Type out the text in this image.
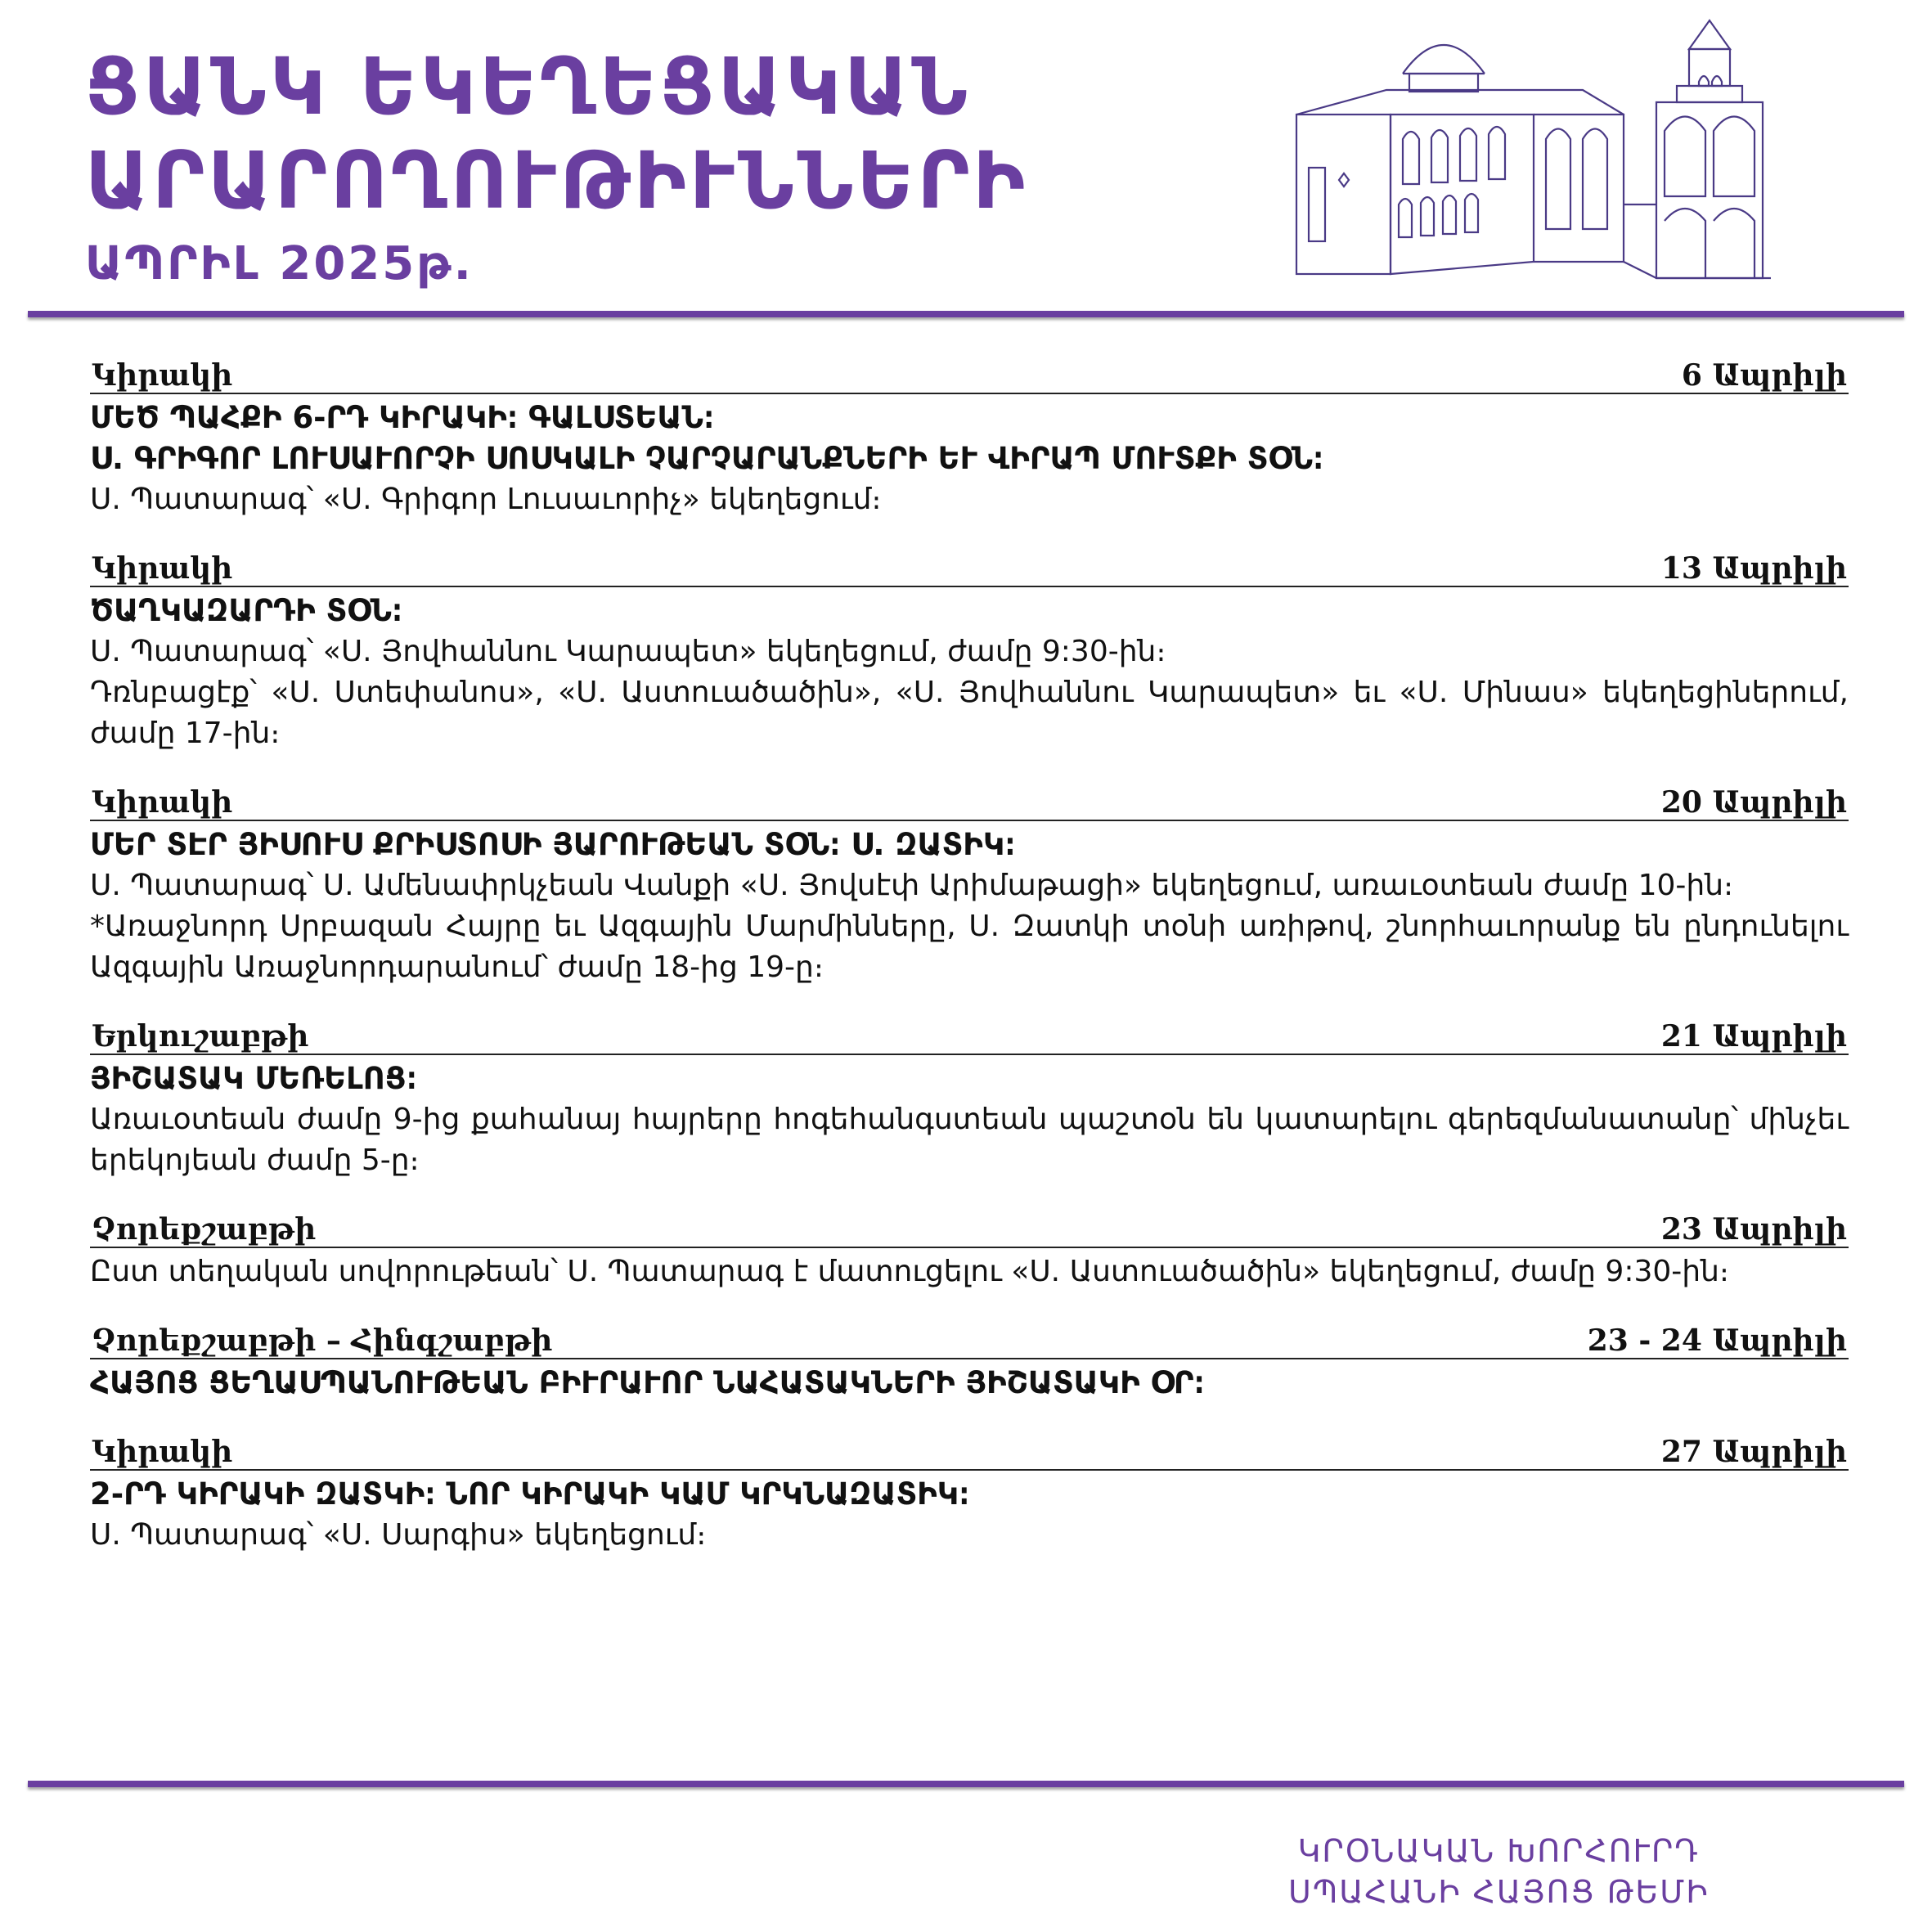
ՑԱՆԿ ԵԿԵՂԵՑԱԿԱՆ
ԱՐԱՐՈՂՈՒԹԻՒՆՆԵՐԻ
ԱՊՐԻԼ 2025թ.
Կիրակի	6 Ապրիլի

ՄԵԾ ՊԱՀՔԻ 6-ՐԴ ԿԻՐԱԿԻ։ ԳԱԼՍՏԵԱՆ։

Ս. ԳՐԻԳՈՐ ԼՈՒՍԱՒՈՐՉԻ ՍՈՍԿԱԼԻ ՉԱՐՉԱՐԱՆՔՆԵՐԻ ԵՒ ՎԻՐԱՊ ՄՈՒՏՔԻ ՏՕՆ։

Ս. Պատարագ՝ «Ս. Գրիգոր Լուսաւորիչ» եկեղեցում։

Կիրակի	13 Ապրիլի

ԾԱՂԿԱԶԱՐԴԻ ՏՕՆ։

Ս. Պատարագ՝ «Ս. Յովհաննու Կարապետ» եկեղեցում, ժամը 9:30-ին։

Դռնբացէք՝ «Ս. Ստեփանոս», «Ս. Աստուածածին», «Ս. Յովհաննու Կարապետ» եւ «Ս. Մինաս» եկեղեցիներում, ժամը 17-ին։

Կիրակի	20 Ապրիլի

ՄԵՐ ՏԷՐ ՅԻՍՈՒՍ ՔՐԻՍՏՈՍԻ ՅԱՐՈՒԹԵԱՆ ՏՕՆ։ Ս. ԶԱՏԻԿ։

Ս. Պատարագ՝ Ս. Ամենափրկչեան Վանքի «Ս. Յովսէփ Արիմաթացի» եկեղեցում, առաւօտեան ժամը 10-ին։

*Առաջնորդ Սրբազան Հայրը եւ Ազգային Մարմինները, Ս. Զատկի տօնի առիթով, շնորհաւորանք են ընդունելու Ազգային Առաջնորդարանում՝ ժամը 18-ից 19-ը։

Երկուշաբթի	21 Ապրիլի

ՅԻՇԱՏԱԿ ՄԵՌԵԼՈՑ։

Առաւօտեան ժամը 9-ից քահանայ հայրերը հոգեհանգստեան պաշտօն են կատարելու գերեզմանատանը՝ մինչեւ երեկոյեան ժամը 5-ը։

Չորեքշաբթի	23 Ապրիլի

Ըստ տեղական սովորութեան՝ Ս. Պատարագ է մատուցելու «Ս. Աստուածածին» եկեղեցում, ժամը 9:30-ին։

Չորեքշաբթի – Հինգշաբթի	23 - 24 Ապրիլի

ՀԱՅՈՑ ՑԵՂԱՍՊԱՆՈՒԹԵԱՆ ԲԻՒՐԱՒՈՐ ՆԱՀԱՏԱԿՆԵՐԻ ՅԻՇԱՏԱԿԻ ՕՐ։

Կիրակի	27 Ապրիլի

2-ՐԴ ԿԻՐԱԿԻ ԶԱՏԿԻ։ ՆՈՐ ԿԻՐԱԿԻ ԿԱՄ ԿՐԿՆԱԶԱՏԻԿ։

Ս. Պատարագ՝ «Ս. Սարգիս» եկեղեցում։

ԿՐՕՆԱԿԱՆ ԽՈՐՀՈՒՐԴ
ՍՊԱՀԱՆԻ ՀԱՅՈՑ ԹԵՄԻ
